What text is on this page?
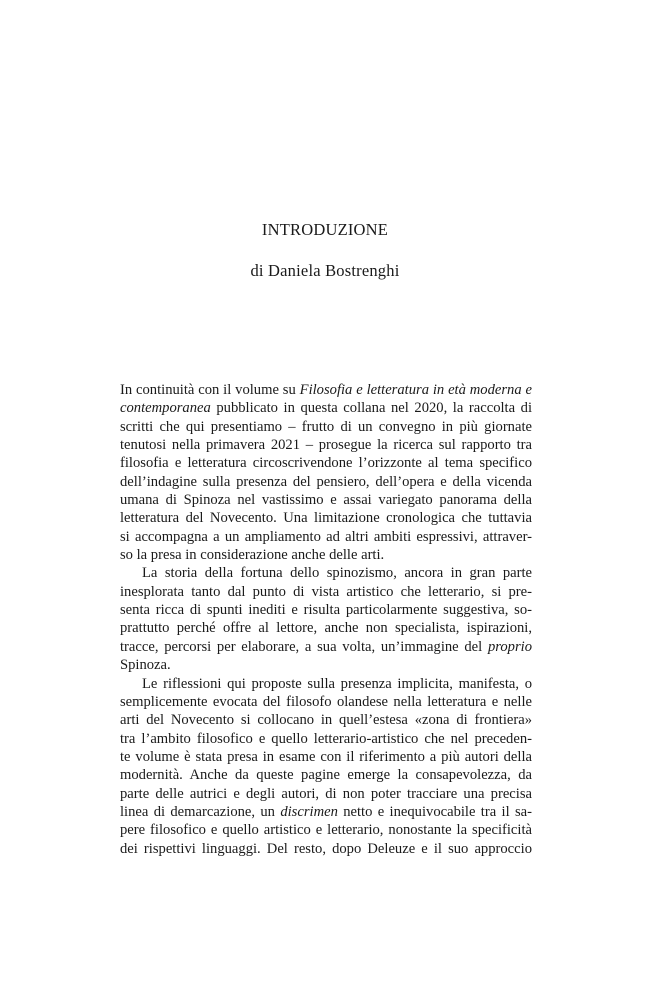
INTRODUZIONE
di Daniela Bostrenghi
In continuità con il volume su Filosofia e letteratura in età moderna e
contemporanea pubblicato in questa collana nel 2020, la raccolta di
scritti che qui presentiamo – frutto di un convegno in più giornate
tenutosi nella primavera 2021 – prosegue la ricerca sul rapporto tra
filosofia e letteratura circoscrivendone l’orizzonte al tema specifico
dell’indagine sulla presenza del pensiero, dell’opera e della vicenda
umana di Spinoza nel vastissimo e assai variegato panorama della
letteratura del Novecento. Una limitazione cronologica che tuttavia
si accompagna a un ampliamento ad altri ambiti espressivi, attraver-
so la presa in considerazione anche delle arti.
La storia della fortuna dello spinozismo, ancora in gran parte
inesplorata tanto dal punto di vista artistico che letterario, si pre-
senta ricca di spunti inediti e risulta particolarmente suggestiva, so-
prattutto perché offre al lettore, anche non specialista, ispirazioni,
tracce, percorsi per elaborare, a sua volta, un’immagine del proprio
Spinoza.
Le riflessioni qui proposte sulla presenza implicita, manifesta, o
semplicemente evocata del filosofo olandese nella letteratura e nelle
arti del Novecento si collocano in quell’estesa «zona di frontiera»
tra l’ambito filosofico e quello letterario-artistico che nel preceden-
te volume è stata presa in esame con il riferimento a più autori della
modernità. Anche da queste pagine emerge la consapevolezza, da
parte delle autrici e degli autori, di non poter tracciare una precisa
linea di demarcazione, un discrimen netto e inequivocabile tra il sa-
pere filosofico e quello artistico e letterario, nonostante la specificità
dei rispettivi linguaggi. Del resto, dopo Deleuze e il suo approccio
